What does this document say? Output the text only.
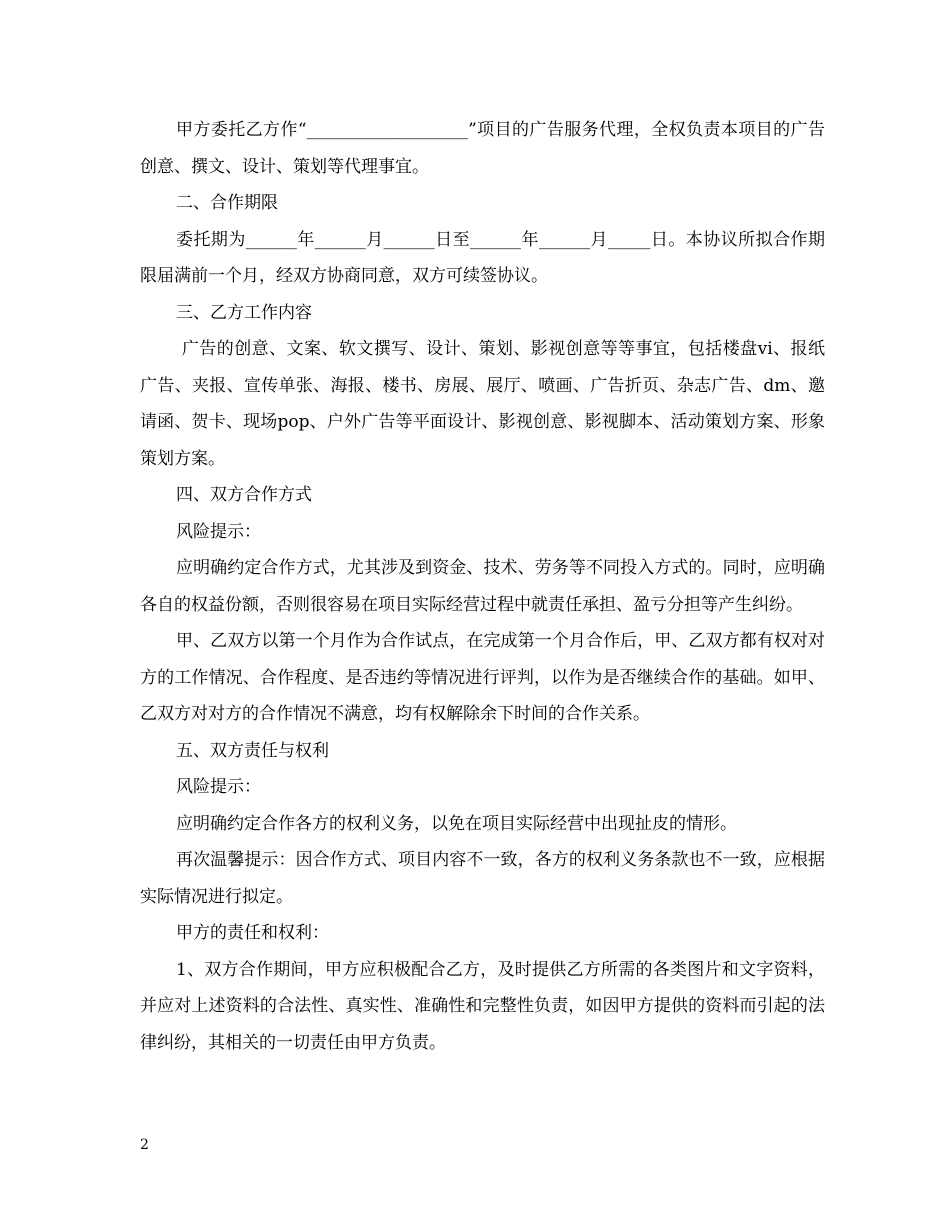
甲方委托乙方作“___________________”项目的广告服务代理，全权负责本项目的广告创意、撰文、设计、策划等代理事宜。

二、合作期限

委托期为______年______月______日至______年______月_____日。本协议所拟合作期限届满前一个月，经双方协商同意，双方可续签协议。

三、乙方工作内容

广告的创意、文案、软文撰写、设计、策划、影视创意等等事宜，包括楼盘vi、报纸广告、夹报、宣传单张、海报、楼书、房展、展厅、喷画、广告折页、杂志广告、dm、邀请函、贺卡、现场pop、户外广告等平面设计、影视创意、影视脚本、活动策划方案、形象策划方案。

四、双方合作方式

风险提示：

应明确约定合作方式，尤其涉及到资金、技术、劳务等不同投入方式的。同时，应明确各自的权益份额，否则很容易在项目实际经营过程中就责任承担、盈亏分担等产生纠纷。

甲、乙双方以第一个月作为合作试点，在完成第一个月合作后，甲、乙双方都有权对对方的工作情况、合作程度、是否违约等情况进行评判，以作为是否继续合作的基础。如甲、乙双方对对方的合作情况不满意，均有权解除余下时间的合作关系。

五、双方责任与权利

风险提示：

应明确约定合作各方的权利义务，以免在项目实际经营中出现扯皮的情形。

再次温馨提示：因合作方式、项目内容不一致，各方的权利义务条款也不一致，应根据实际情况进行拟定。

甲方的责任和权利：

1、双方合作期间，甲方应积极配合乙方，及时提供乙方所需的各类图片和文字资料，并应对上述资料的合法性、真实性、准确性和完整性负责，如因甲方提供的资料而引起的法律纠纷，其相关的一切责任由甲方负责。

2
